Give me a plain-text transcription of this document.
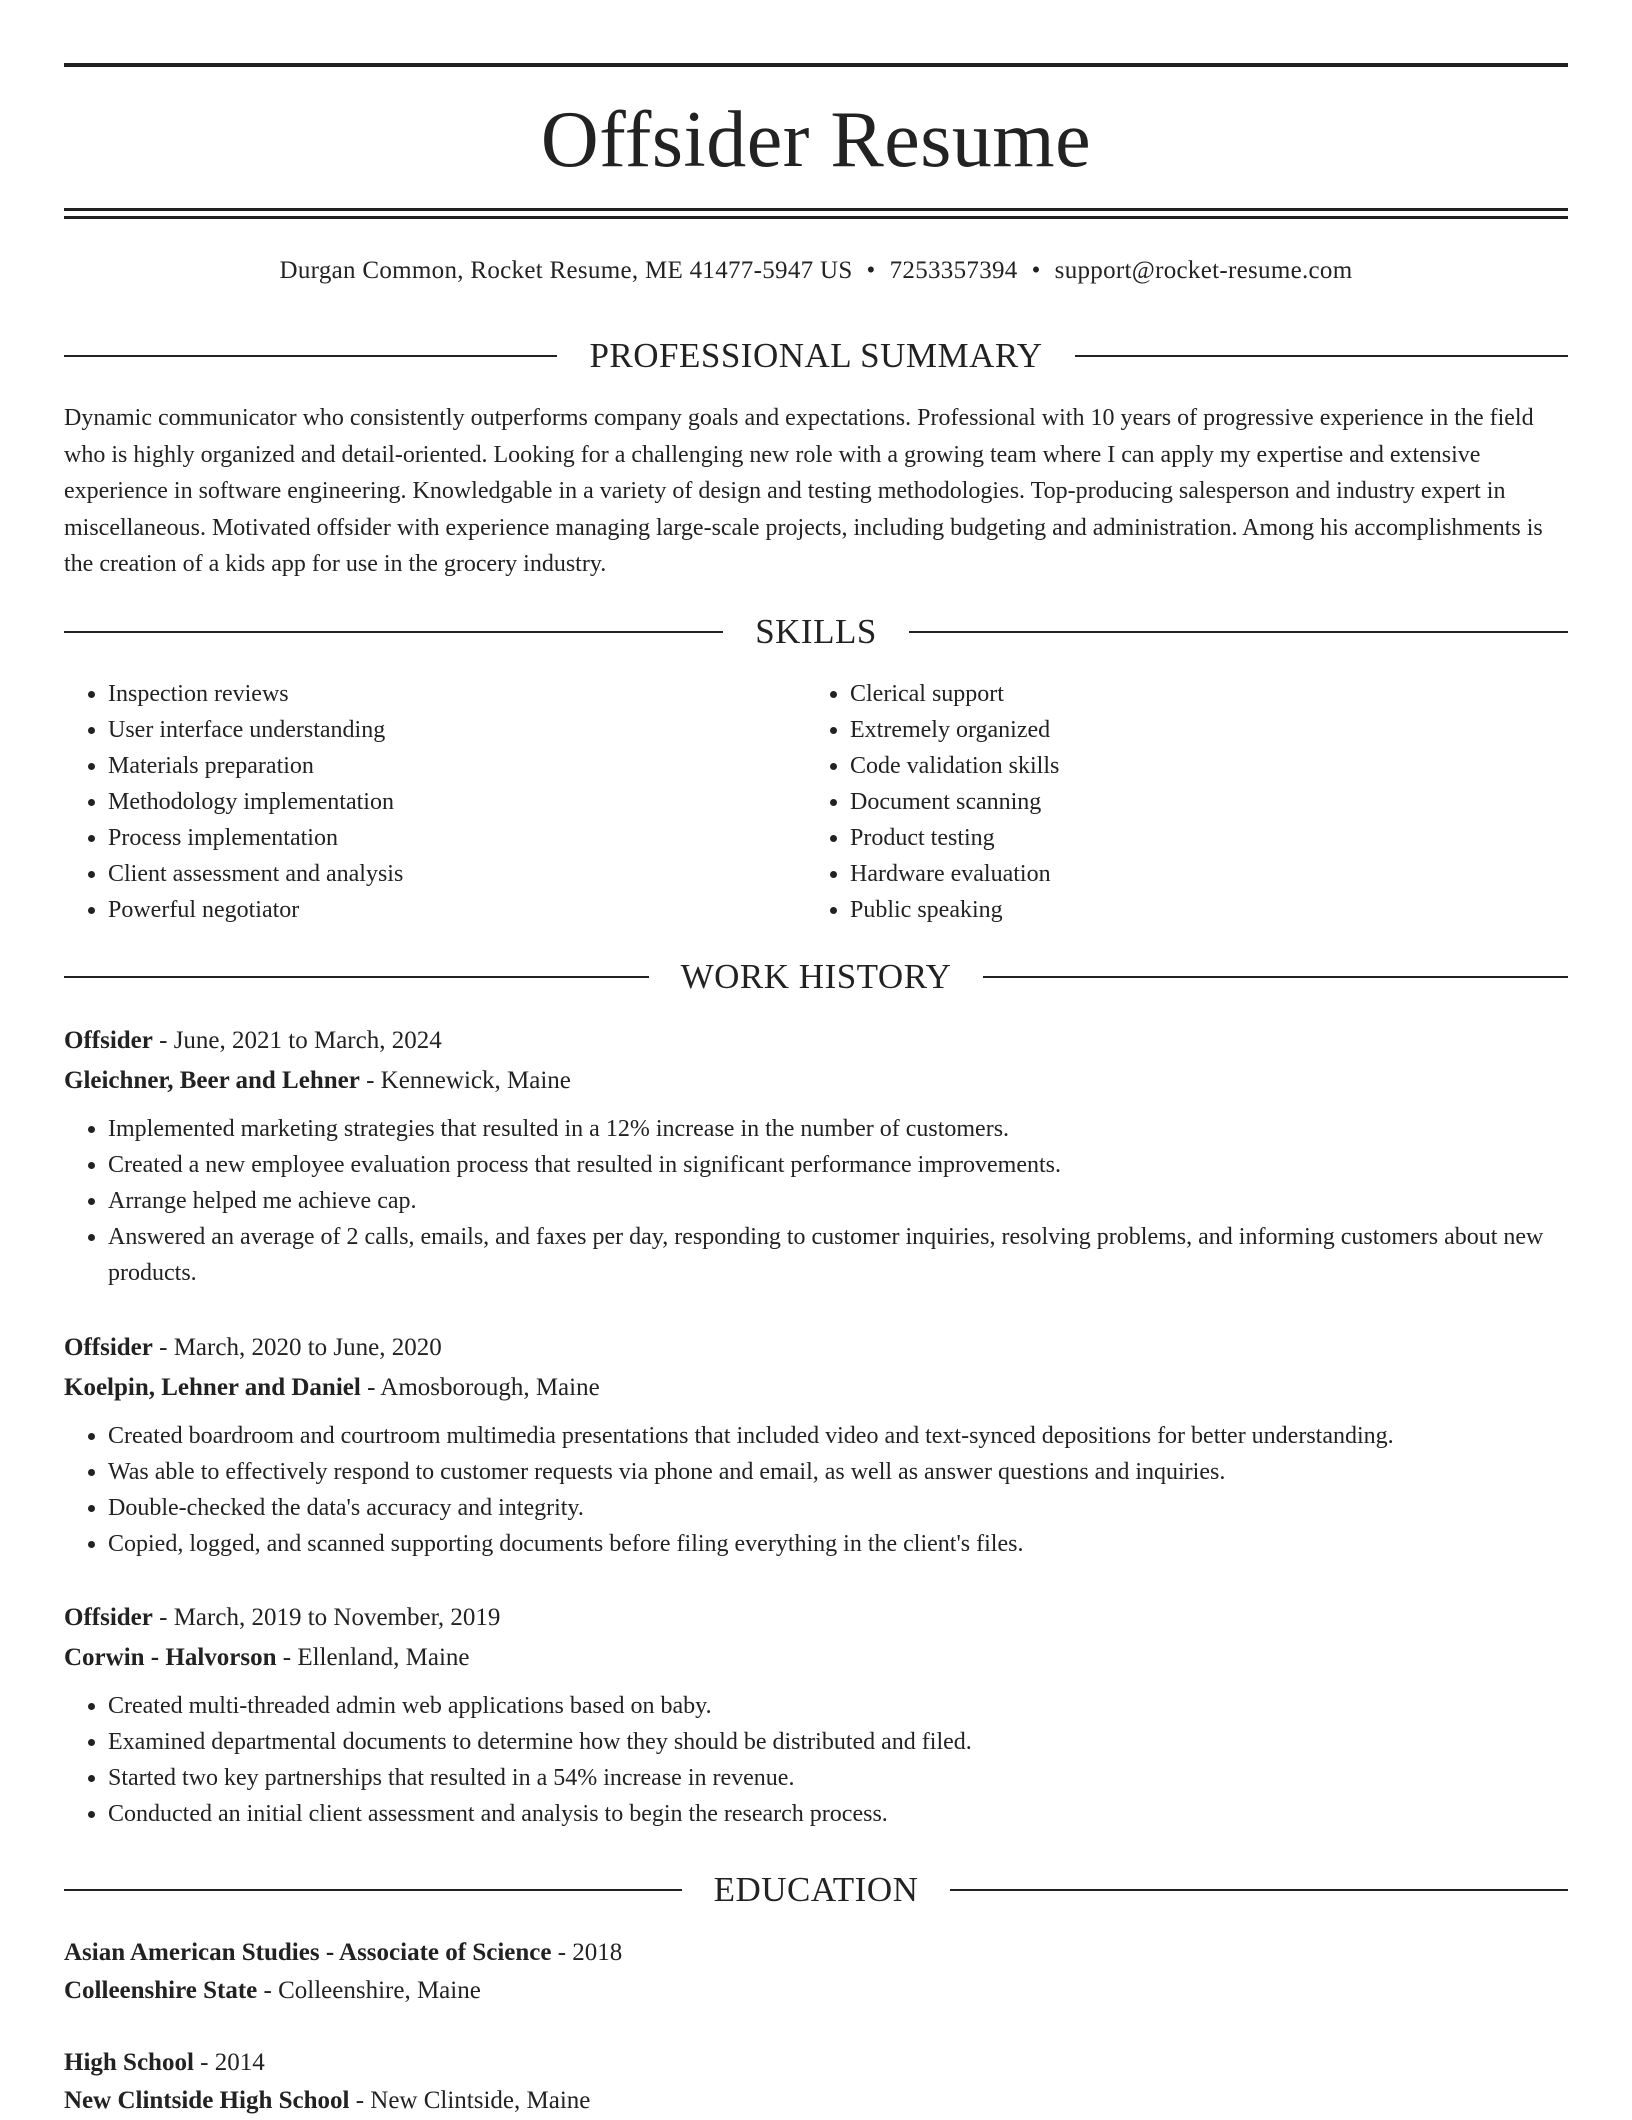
Offsider Resume
Durgan Common, Rocket Resume, ME 41477-5947 US • 7253357394 • support@rocket-resume.com
PROFESSIONAL SUMMARY

Dynamic communicator who consistently outperforms company goals and expectations. Professional with 10 years of progressive experience in the field who is highly organized and detail-oriented. Looking for a challenging new role with a growing team where I can apply my expertise and extensive experience in software engineering. Knowledgable in a variety of design and testing methodologies. Top-producing salesperson and industry expert in miscellaneous. Motivated offsider with experience managing large-scale projects, including budgeting and administration. Among his accomplishments is the creation of a kids app for use in the grocery industry.

SKILLS
• Inspection reviews
• User interface understanding
• Materials preparation
• Methodology implementation
• Process implementation
• Client assessment and analysis
• Powerful negotiator
• Clerical support
• Extremely organized
• Code validation skills
• Document scanning
• Product testing
• Hardware evaluation
• Public speaking
WORK HISTORY
Offsider - June, 2021 to March, 2024
Gleichner, Beer and Lehner - Kennewick, Maine
• Implemented marketing strategies that resulted in a 12% increase in the number of customers.
• Created a new employee evaluation process that resulted in significant performance improvements.
• Arrange helped me achieve cap.
• Answered an average of 2 calls, emails, and faxes per day, responding to customer inquiries, resolving problems, and informing customers about new products.
Offsider - March, 2020 to June, 2020
Koelpin, Lehner and Daniel - Amosborough, Maine
• Created boardroom and courtroom multimedia presentations that included video and text-synced depositions for better understanding.
• Was able to effectively respond to customer requests via phone and email, as well as answer questions and inquiries.
• Double-checked the data's accuracy and integrity.
• Copied, logged, and scanned supporting documents before filing everything in the client's files.
Offsider - March, 2019 to November, 2019
Corwin - Halvorson - Ellenland, Maine
• Created multi-threaded admin web applications based on baby.
• Examined departmental documents to determine how they should be distributed and filed.
• Started two key partnerships that resulted in a 54% increase in revenue.
• Conducted an initial client assessment and analysis to begin the research process.
EDUCATION
Asian American Studies - Associate of Science - 2018
Colleenshire State - Colleenshire, Maine
High School - 2014
New Clintside High School - New Clintside, Maine
